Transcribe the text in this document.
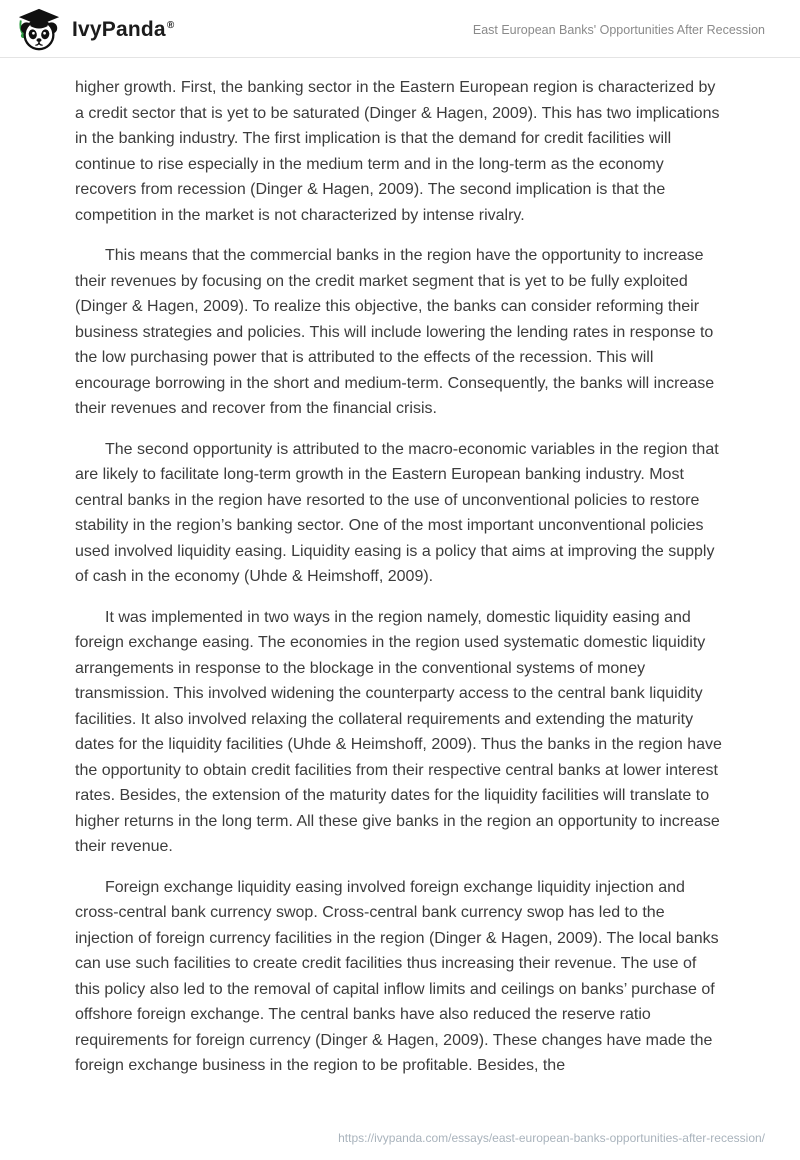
IvyPanda®	East European Banks' Opportunities After Recession

higher growth. First, the banking sector in the Eastern European region is characterized by a credit sector that is yet to be saturated (Dinger & Hagen, 2009). This has two implications in the banking industry. The first implication is that the demand for credit facilities will continue to rise especially in the medium term and in the long-term as the economy recovers from recession (Dinger & Hagen, 2009). The second implication is that the competition in the market is not characterized by intense rivalry.

This means that the commercial banks in the region have the opportunity to increase their revenues by focusing on the credit market segment that is yet to be fully exploited (Dinger & Hagen, 2009). To realize this objective, the banks can consider reforming their business strategies and policies. This will include lowering the lending rates in response to the low purchasing power that is attributed to the effects of the recession. This will encourage borrowing in the short and medium-term. Consequently, the banks will increase their revenues and recover from the financial crisis.

The second opportunity is attributed to the macro-economic variables in the region that are likely to facilitate long-term growth in the Eastern European banking industry. Most central banks in the region have resorted to the use of unconventional policies to restore stability in the region’s banking sector. One of the most important unconventional policies used involved liquidity easing. Liquidity easing is a policy that aims at improving the supply of cash in the economy (Uhde & Heimshoff, 2009).

It was implemented in two ways in the region namely, domestic liquidity easing and foreign exchange easing. The economies in the region used systematic domestic liquidity arrangements in response to the blockage in the conventional systems of money transmission. This involved widening the counterparty access to the central bank liquidity facilities. It also involved relaxing the collateral requirements and extending the maturity dates for the liquidity facilities (Uhde & Heimshoff, 2009). Thus the banks in the region have the opportunity to obtain credit facilities from their respective central banks at lower interest rates. Besides, the extension of the maturity dates for the liquidity facilities will translate to higher returns in the long term. All these give banks in the region an opportunity to increase their revenue.

Foreign exchange liquidity easing involved foreign exchange liquidity injection and cross-central bank currency swop. Cross-central bank currency swop has led to the injection of foreign currency facilities in the region (Dinger & Hagen, 2009). The local banks can use such facilities to create credit facilities thus increasing their revenue. The use of this policy also led to the removal of capital inflow limits and ceilings on banks’ purchase of offshore foreign exchange. The central banks have also reduced the reserve ratio requirements for foreign currency (Dinger & Hagen, 2009). These changes have made the foreign exchange business in the region to be profitable. Besides, the

https://ivypanda.com/essays/east-european-banks-opportunities-after-recession/
